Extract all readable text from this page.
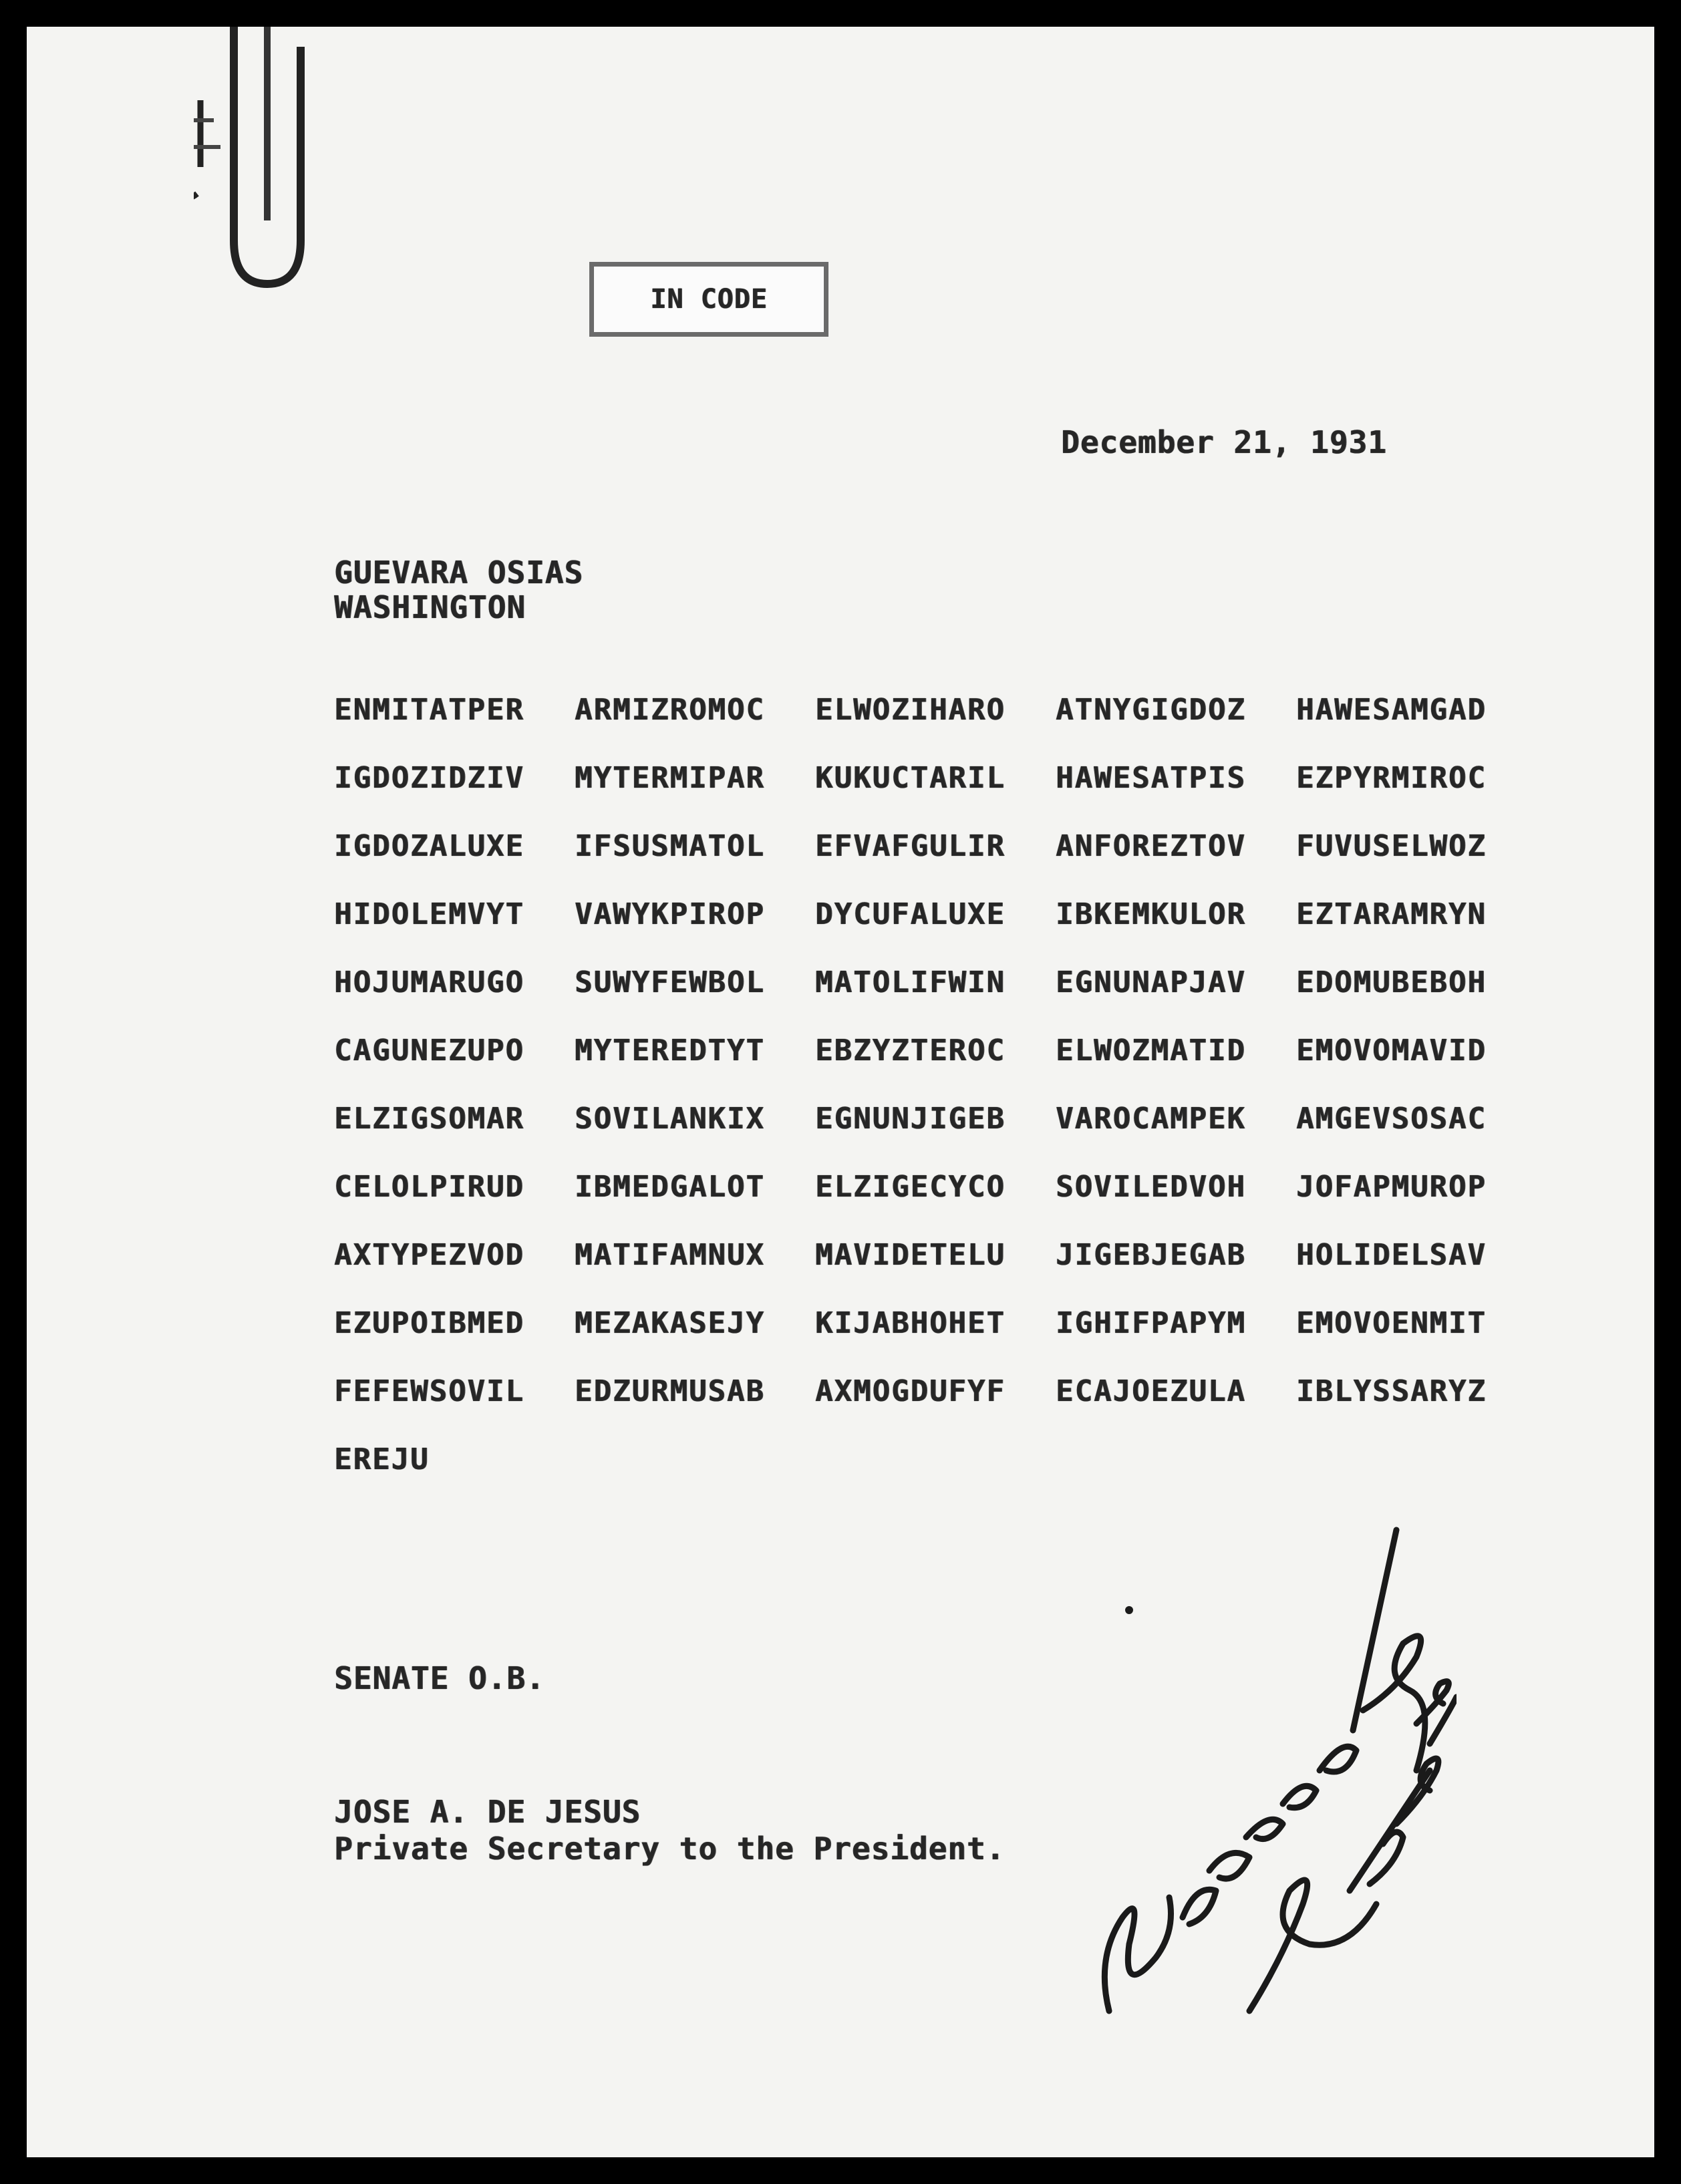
IN CODE
December 21, 1931
GUEVARA OSIAS
WASHINGTON
ENMITATPER	ARMIZROMOC	ELWOZIHARO	ATNYGIGDOZ	HAWESAMGAD
IGDOZIDZIV	MYTERMIPAR	KUKUCTARIL	HAWESATPIS	EZPYRMIROC
IGDOZALUXE	IFSUSMATOL	EFVAFGULIR	ANFOREZTOV	FUVUSELWOZ
HIDOLEMVYT	VAWYKPIROP	DYCUFALUXE	IBKEMKULOR	EZTARAMRYN
HOJUMARUGO	SUWYFEWBOL	MATOLIFWIN	EGNUNAPJAV	EDOMUBEBOH
CAGUNEZUPO	MYTEREDTYT	EBZYZTEROC	ELWOZMATID	EMOVOMAVID
ELZIGSOMAR	SOVILANKIX	EGNUNJIGEB	VAROCAMPEK	AMGEVSOSAC
CELOLPIRUD	IBMEDGALOT	ELZIGECYCO	SOVILEDVOH	JOFAPMUROP
AXTYPEZVOD	MATIFAMNUX	MAVIDETELU	JIGEBJEGAB	HOLIDELSAV
EZUPOIBMED	MEZAKASEJY	KIJABHOHET	IGHIFPAPYM	EMOVOENMIT
FEFEWSOVIL	EDZURMUSAB	AXMOGDUFYF	ECAJOEZULA	IBLYSSARYZ
EREJU
SENATE O.B.
JOSE A. DE JESUS
Private Secretary to the President.
